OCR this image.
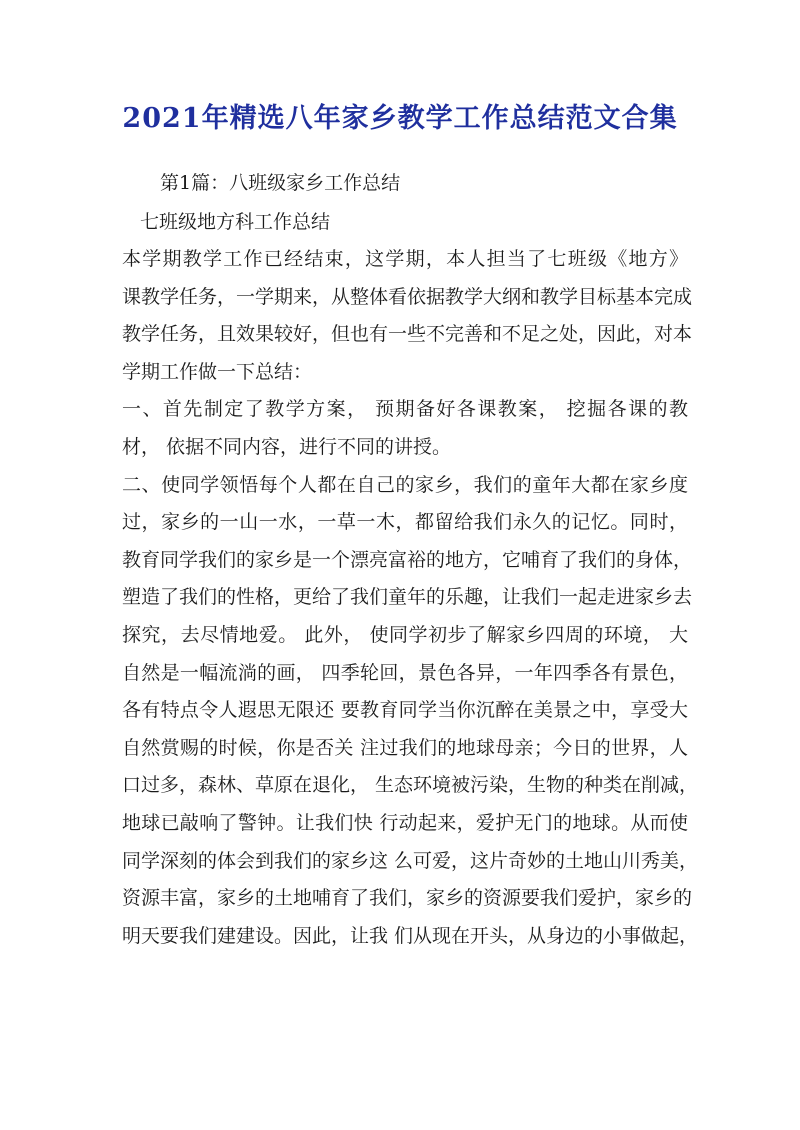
2021年精选八年家乡教学工作总结范文合集
第1篇：八班级家乡工作总结
七班级地方科工作总结
本学期教学工作已经结束，这学期，本人担当了七班级《地方》
课教学任务，一学期来，从整体看依据教学大纲和教学目标基本完成
教学任务，且效果较好，但也有一些不完善和不足之处，因此，对本
学期工作做一下总结：
一、首先制定了教学方案， 预期备好各课教案， 挖掘各课的教
材， 依据不同内容，进行不同的讲授。
二、使同学领悟每个人都在自己的家乡，我们的童年大都在家乡度
过，家乡的一山一水，一草一木，都留给我们永久的记忆。同时，
教育同学我们的家乡是一个漂亮富裕的地方，它哺育了我们的身体，
塑造了我们的性格，更给了我们童年的乐趣，让我们一起走进家乡去
探究，去尽情地爱。 此外， 使同学初步了解家乡四周的环境， 大
自然是一幅流淌的画， 四季轮回，景色各异，一年四季各有景色，
各有特点令人遐思无限还 要教育同学当你沉醉在美景之中，享受大
自然赏赐的时候，你是否关 注过我们的地球母亲；今日的世界，人
口过多，森林、草原在退化， 生态环境被污染，生物的种类在削减，
地球已敲响了警钟。让我们快 行动起来，爱护无门的地球。从而使
同学深刻的体会到我们的家乡这 么可爱，这片奇妙的土地山川秀美，
资源丰富，家乡的土地哺育了我们，家乡的资源要我们爱护，家乡的
明天要我们建建设。因此，让我 们从现在开头，从身边的小事做起，
